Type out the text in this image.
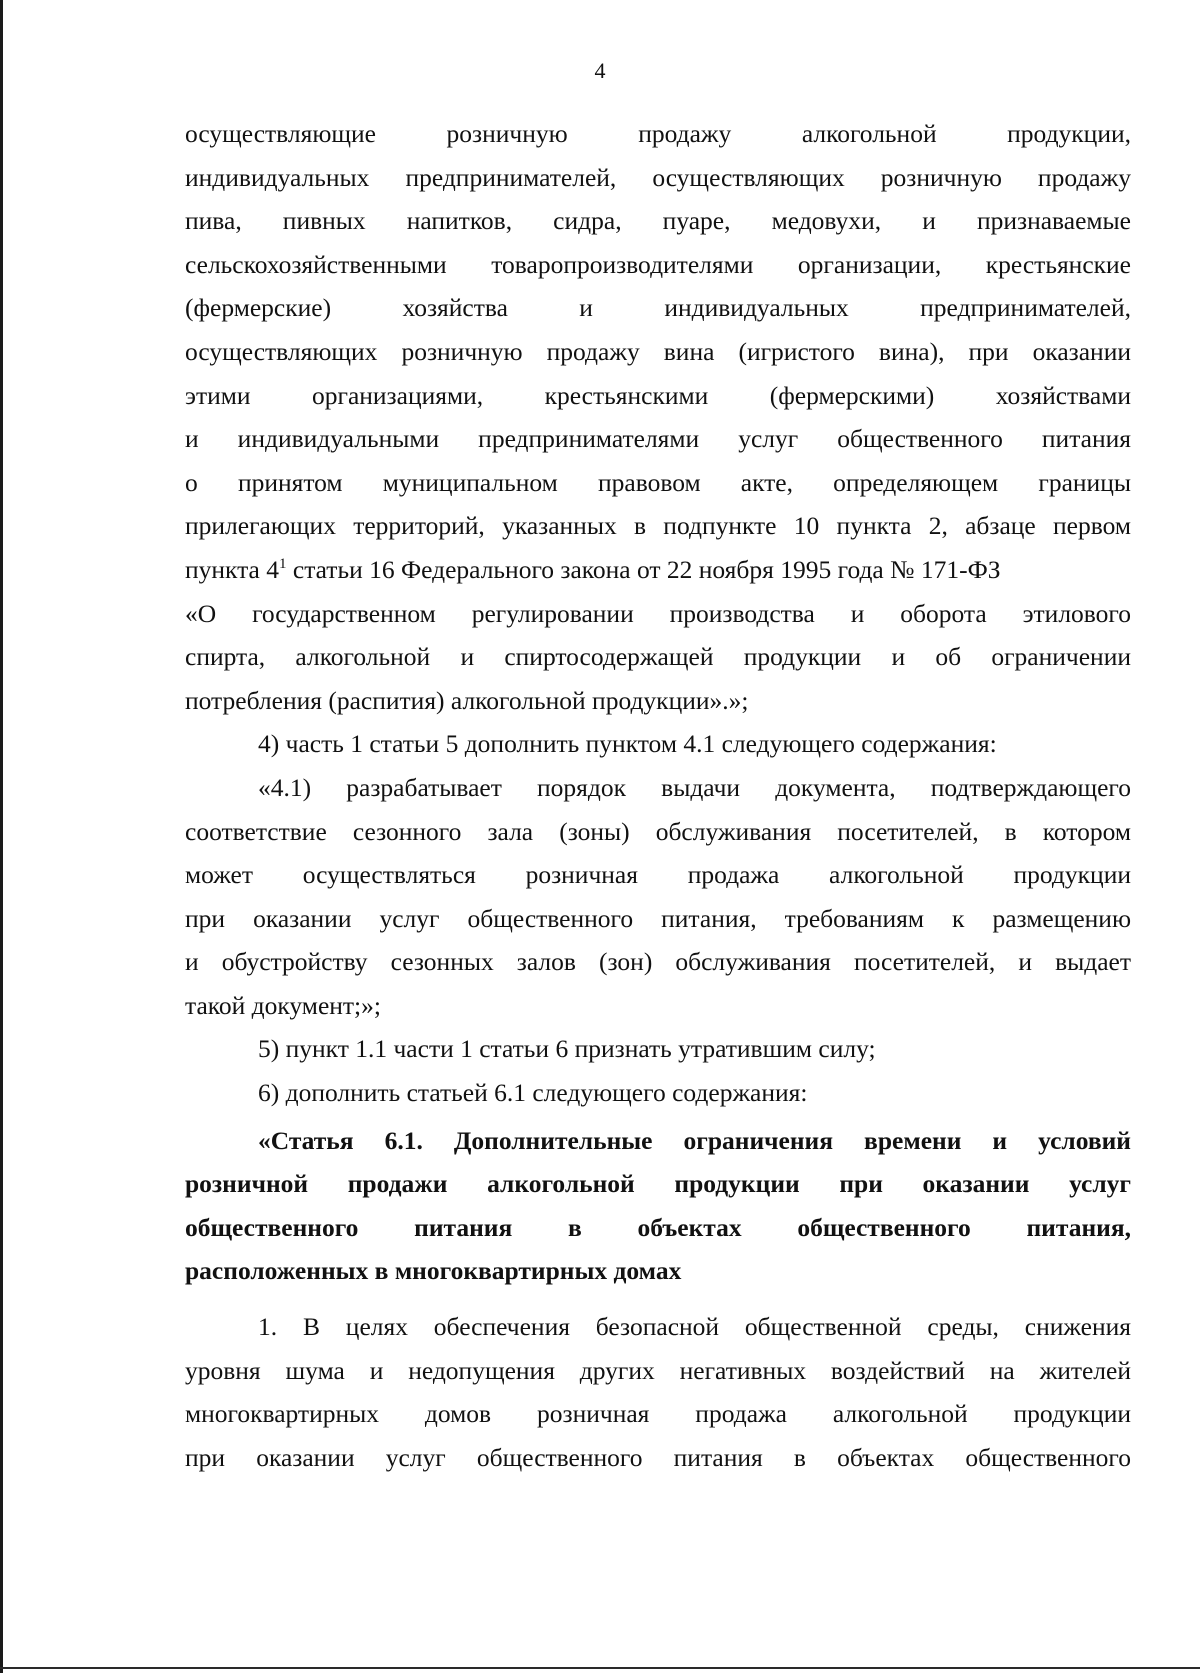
4
осуществляющие розничную продажу алкогольной продукции,
индивидуальных предпринимателей, осуществляющих розничную продажу
пива, пивных напитков, сидра, пуаре, медовухи, и признаваемые
сельскохозяйственными товаропроизводителями организации, крестьянские
(фермерские) хозяйства и индивидуальных предпринимателей,
осуществляющих розничную продажу вина (игристого вина), при оказании
этими организациями, крестьянскими (фермерскими) хозяйствами
и индивидуальными предпринимателями услуг общественного питания
о принятом муниципальном правовом акте, определяющем границы
прилегающих территорий, указанных в подпункте 10 пункта 2, абзаце первом
пункта $4^1$ статьи 16 Федерального закона от 22 ноября 1995 года № 171-ФЗ
«О государственном регулировании производства и оборота этилового
спирта, алкогольной и спиртосодержащей продукции и об ограничении
потребления (распития) алкогольной продукции».»;
4) часть 1 статьи 5 дополнить пунктом 4.1 следующего содержания:
«4.1) разрабатывает порядок выдачи документа, подтверждающего
соответствие сезонного зала (зоны) обслуживания посетителей, в котором
может осуществляться розничная продажа алкогольной продукции
при оказании услуг общественного питания, требованиям к размещению
и обустройству сезонных залов (зон) обслуживания посетителей, и выдает
такой документ;»;
5) пункт 1.1 части 1 статьи 6 признать утратившим силу;
6) дополнить статьей 6.1 следующего содержания:
«Статья 6.1. Дополнительные ограничения времени и условий
розничной продажи алкогольной продукции при оказании услуг
общественного питания в объектах общественного питания,
расположенных в многоквартирных домах
1. В целях обеспечения безопасной общественной среды, снижения
уровня шума и недопущения других негативных воздействий на жителей
многоквартирных домов розничная продажа алкогольной продукции
при оказании услуг общественного питания в объектах общественного
